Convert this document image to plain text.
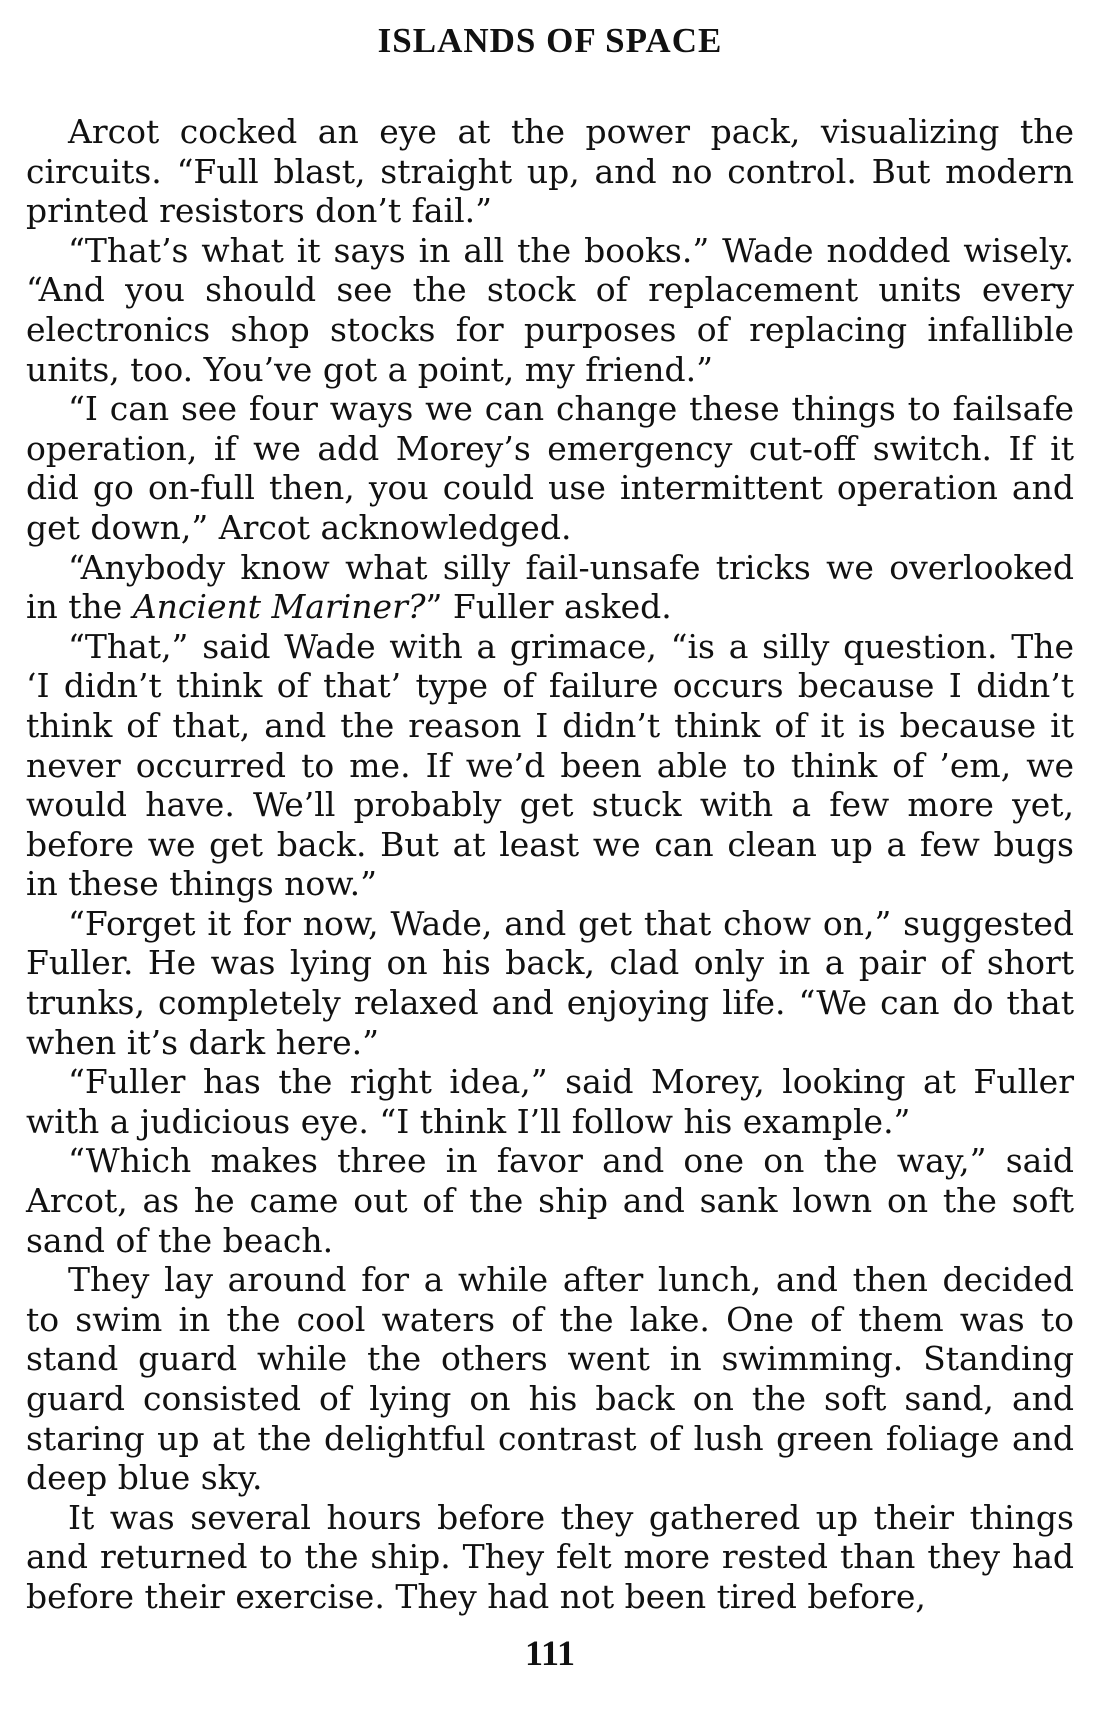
ISLANDS OF SPACE

Arcot cocked an eye at the power pack, visualizing the circuits. “Full blast, straight up, and no control. But modern printed resistors don’t fail.”

“That’s what it says in all the books.” Wade nodded wisely. “And you should see the stock of replacement units every electronics shop stocks for purposes of replacing infallible units, too. You’ve got a point, my friend.”

“I can see four ways we can change these things to failsafe operation, if we add Morey’s emergency cut-off switch. If it did go on-full then, you could use intermittent operation and get down,” Arcot acknowledged.

“Anybody know what silly fail-unsafe tricks we overlooked in the Ancient Mariner?” Fuller asked.

“That,” said Wade with a grimace, “is a silly question. The ‘I didn’t think of that’ type of failure occurs because I didn’t think of that, and the reason I didn’t think of it is because it never occurred to me. If we’d been able to think of ’em, we would have. We’ll probably get stuck with a few more yet, before we get back. But at least we can clean up a few bugs in these things now.”

“Forget it for now, Wade, and get that chow on,” suggested Fuller. He was lying on his back, clad only in a pair of short trunks, completely relaxed and enjoying life. “We can do that when it’s dark here.”

“Fuller has the right idea,” said Morey, looking at Fuller with a judicious eye. “I think I’ll follow his example.”

“Which makes three in favor and one on the way,” said Arcot, as he came out of the ship and sank lown on the soft sand of the beach.

They lay around for a while after lunch, and then decided to swim in the cool waters of the lake. One of them was to stand guard while the others went in swimming. Standing guard consisted of lying on his back on the soft sand, and staring up at the delightful contrast of lush green foliage and deep blue sky.

It was several hours before they gathered up their things and returned to the ship. They felt more rested than they had before their exercise. They had not been tired before,

111
